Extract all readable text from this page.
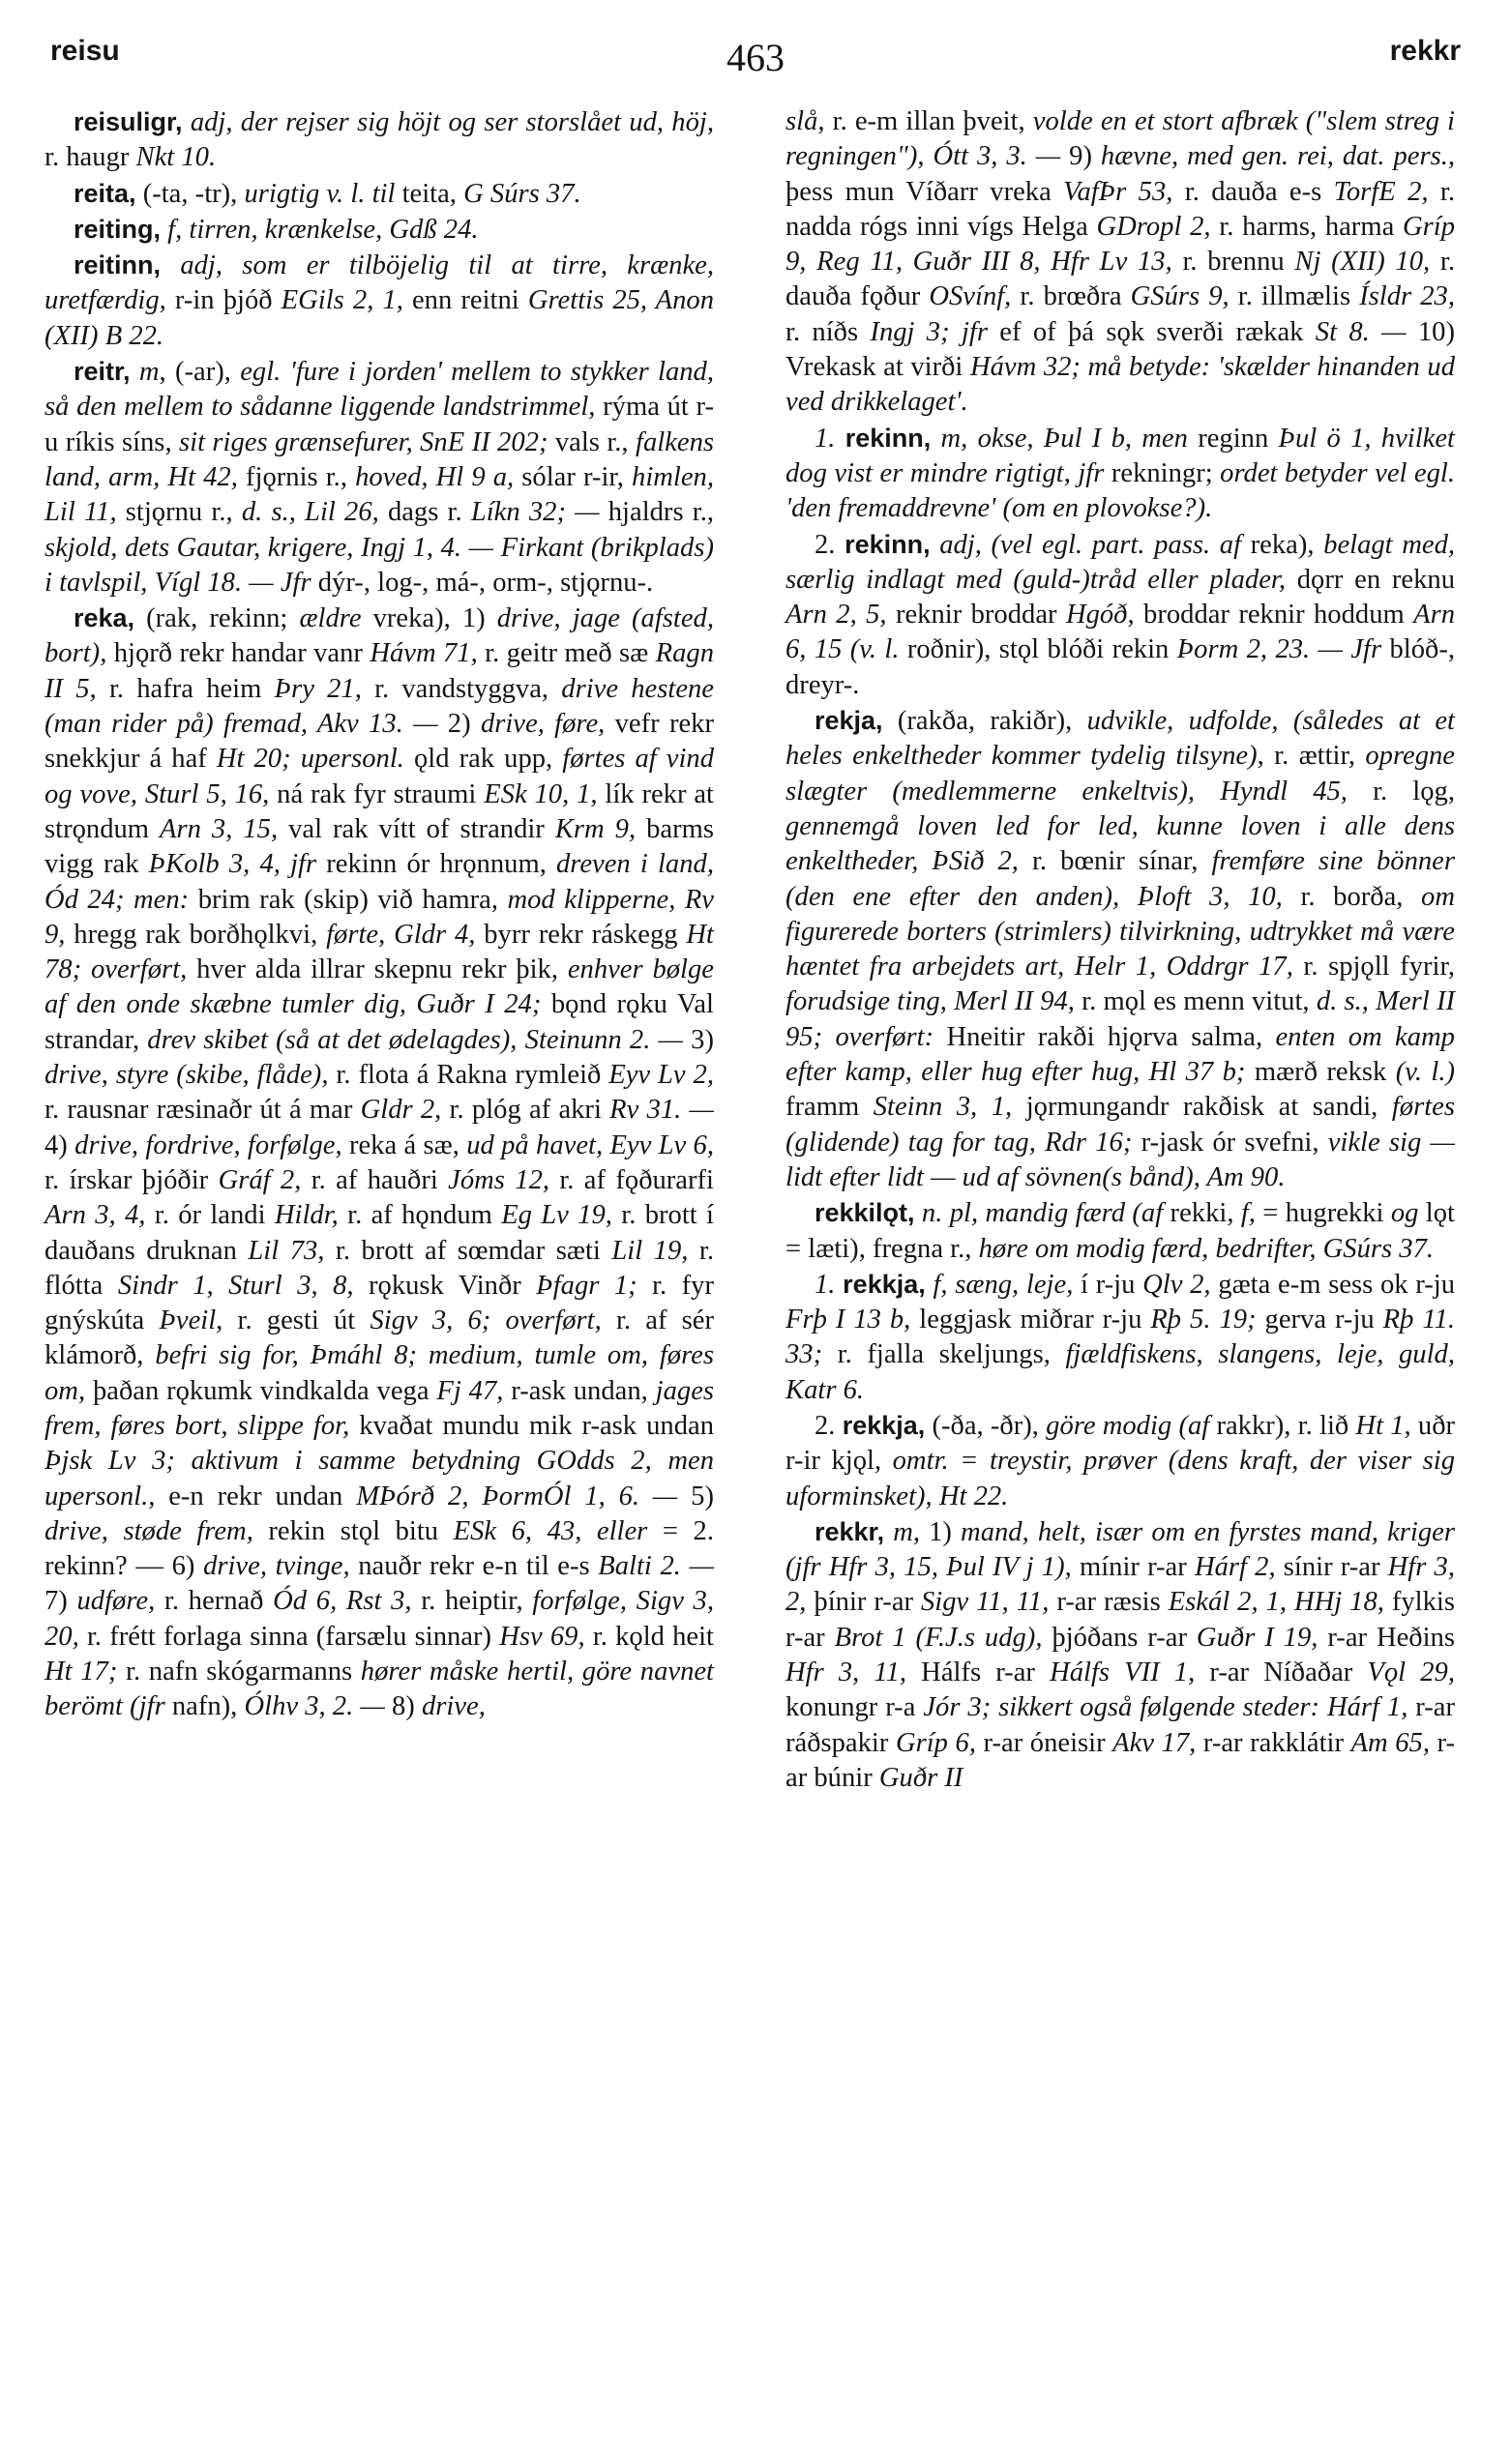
reisu	463	rekkr

reisuligr, adj, der rejser sig höjt og ser storslået ud, höj, r. haugr Nkt 10.

reita, (-ta, -tr), urigtig v. l. til teita, G Súrs 37.

reiting, f, tirren, krænkelse, Gdß 24.

reitinn, adj, som er tilböjelig til at tirre, krænke, uretfærdig, r-in þjóð EGils 2, 1, enn reitni Grettis 25, Anon (XII) B 22.

reitr, m, (-ar), egl. 'fure i jorden' mellem to stykker land, så den mellem to sådanne liggende landstrimmel, rýma út r-u ríkis síns, sit riges grænsefurer, SnE II 202; vals r., falkens land, arm, Ht 42, fjǫrnis r., hoved, Hl 9 a, sólar r-ir, himlen, Lil 11, stjǫrnu r., d. s., Lil 26, dags r. Líkn 32; — hjaldrs r., skjold, dets Gautar, krigere, Ingj 1, 4. — Firkant (brikplads) i tavlspil, Vígl 18. — Jfr dýr-, log-, má-, orm-, stjǫrnu-.

reka, (rak, rekinn; ældre vreka), 1) drive, jage (afsted, bort), hjǫrð rekr handar vanr Hávm 71, r. geitr með sæ Ragn II 5, r. hafra heim Þry 21, r. vandstyggva, drive hestene (man rider på) fremad, Akv 13. — 2) drive, føre, vefr rekr snekkjur á haf Ht 20; upersonl. ǫld rak upp, førtes af vind og vove, Sturl 5, 16, ná rak fyr straumi ESk 10, 1, lík rekr at strǫndum Arn 3, 15, val rak vítt of strandir Krm 9, barms vigg rak ÞKolb 3, 4, jfr rekinn ór hrǫnnum, dreven i land, Ód 24; men: brim rak (skip) við hamra, mod klipperne, Rv 9, hregg rak borðhǫlkvi, førte, Gldr 4, byrr rekr ráskegg Ht 78; overført, hver alda illrar skepnu rekr þik, enhver bølge af den onde skæbne tumler dig, Guðr I 24; bǫnd rǫku Val strandar, drev skibet (så at det ødelagdes), Steinunn 2. — 3) drive, styre (skibe, flåde), r. flota á Rakna rymleið Eyv Lv 2, r. rausnar ræsinaðr út á mar Gldr 2, r. plóg af akri Rv 31. — 4) drive, fordrive, forfølge, reka á sæ, ud på havet, Eyv Lv 6, r. írskar þjóðir Gráf 2, r. af hauðri Jóms 12, r. af fǫðurarfi Arn 3, 4, r. ór landi Hildr, r. af hǫndum Eg Lv 19, r. brott í dauðans druknan Lil 73, r. brott af sœmdar sæti Lil 19, r. flótta Sindr 1, Sturl 3, 8, rǫkusk Vinðr Þfagr 1; r. fyr gnýskúta Þveil, r. gesti út Sigv 3, 6; overført, r. af sér klámorð, befri sig for, Þmáhl 8; medium, tumle om, føres om, þaðan rǫkumk vindkalda vega Fj 47, r-ask undan, jages frem, føres bort, slippe for, kvaðat mundu mik r-ask undan Þjsk Lv 3; aktivum i samme betydning GOdds 2, men upersonl., e-n rekr undan MÞórð 2, ÞormÓl 1, 6. — 5) drive, støde frem, rekin stǫl bitu ESk 6, 43, eller = 2. rekinn? — 6) drive, tvinge, nauðr rekr e-n til e-s Balti 2. — 7) udføre, r. hernað Ód 6, Rst 3, r. heiptir, forfølge, Sigv 3, 20, r. frétt forlaga sinna (farsælu sinnar) Hsv 69, r. kǫld heit Ht 17; r. nafn skógarmanns hører måske hertil, göre navnet berömt (jfr nafn), Ólhv 3, 2. — 8) drive,

slå, r. e-m illan þveit, volde en et stort afbræk ("slem streg i regningen"), Ótt 3, 3. — 9) hævne, med gen. rei, dat. pers., þess mun Víðarr vreka VafÞr 53, r. dauða e-s TorfE 2, r. nadda rógs inni vígs Helga GDropl 2, r. harms, harma Gríp 9, Reg 11, Guðr III 8, Hfr Lv 13, r. brennu Nj (XII) 10, r. dauða fǫður OSvínf, r. brœðra GSúrs 9, r. illmælis Ísldr 23, r. níðs Ingj 3; jfr ef of þá sǫk sverði rækak St 8. — 10) Vrekask at virði Hávm 32; må betyde: 'skælder hinanden ud ved drikkelaget'.

1. rekinn, m, okse, Þul I b, men reginn Þul ö 1, hvilket dog vist er mindre rigtigt, jfr rekningr; ordet betyder vel egl. 'den fremaddrevne' (om en plovokse?).

2. rekinn, adj, (vel egl. part. pass. af reka), belagt med, særlig indlagt med (guld-)tråd eller plader, dǫrr en reknu Arn 2, 5, reknir broddar Hgóð, broddar reknir hoddum Arn 6, 15 (v. l. roðnir), stǫl blóði rekin Þorm 2, 23. — Jfr blóð-, dreyr-.

rekja, (rakða, rakiðr), udvikle, udfolde, (således at et heles enkeltheder kommer tydelig tilsyne), r. ættir, opregne slægter (medlemmerne enkeltvis), Hyndl 45, r. lǫg, gennemgå loven led for led, kunne loven i alle dens enkeltheder, ÞSið 2, r. bœnir sínar, fremføre sine bönner (den ene efter den anden), Þloft 3, 10, r. borða, om figurerede borters (strimlers) tilvirkning, udtrykket må være hæntet fra arbejdets art, Helr 1, Oddrgr 17, r. spjǫll fyrir, forudsige ting, Merl II 94, r. mǫl es menn vitut, d. s., Merl II 95; overført: Hneitir rakði hjǫrva salma, enten om kamp efter kamp, eller hug efter hug, Hl 37 b; mærð reksk (v. l.) framm Steinn 3, 1, jǫrmungandr rakðisk at sandi, førtes (glidende) tag for tag, Rdr 16; r-jask ór svefni, vikle sig — lidt efter lidt — ud af sövnen(s bånd), Am 90.

rekkilǫt, n. pl, mandig færd (af rekki, f, = hugrekki og lǫt = læti), fregna r., høre om modig færd, bedrifter, GSúrs 37.

1. rekkja, f, sæng, leje, í r-ju Qlv 2, gæta e-m sess ok r-ju Frþ I 13 b, leggjask miðrar r-ju Rþ 5. 19; gerva r-ju Rþ 11. 33; r. fjalla skeljungs, fjældfiskens, slangens, leje, guld, Katr 6.

2. rekkja, (-ða, -ðr), göre modig (af rakkr), r. lið Ht 1, uðr r-ir kjǫl, omtr. = treystir, prøver (dens kraft, der viser sig uforminsket), Ht 22.

rekkr, m, 1) mand, helt, især om en fyrstes mand, kriger (jfr Hfr 3, 15, Þul IV j 1), mínir r-ar Hárf 2, sínir r-ar Hfr 3, 2, þínir r-ar Sigv 11, 11, r-ar ræsis Eskál 2, 1, HHj 18, fylkis r-ar Brot 1 (F.J.s udg), þjóðans r-ar Guðr I 19, r-ar Heðins Hfr 3, 11, Hálfs r-ar Hálfs VII 1, r-ar Níðaðar Vǫl 29, konungr r-a Jór 3; sikkert også følgende steder: Hárf 1, r-ar ráðspakir Gríp 6, r-ar óneisir Akv 17, r-ar rakklátir Am 65, r-ar búnir Guðr II
